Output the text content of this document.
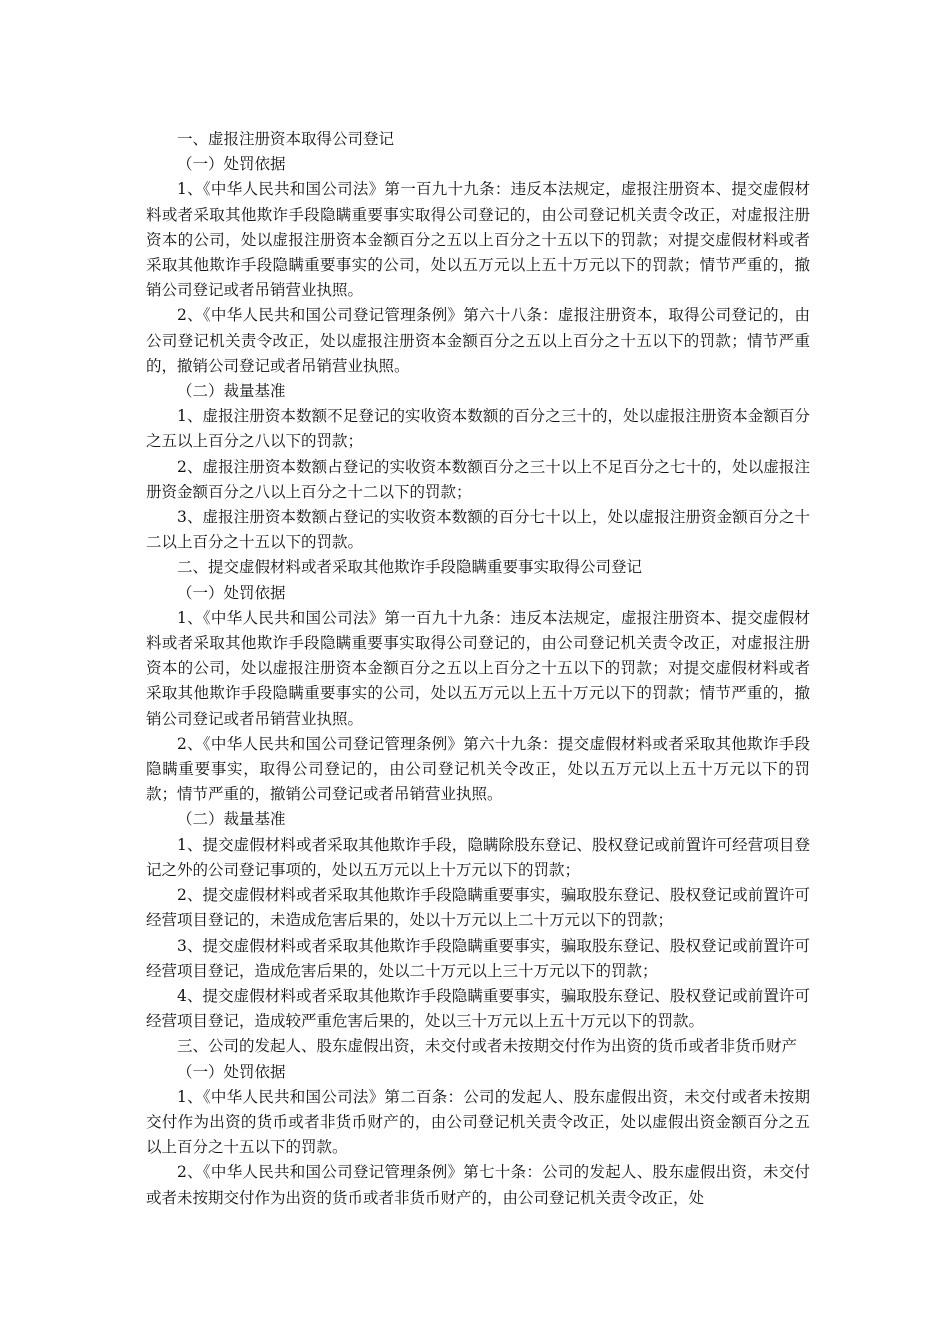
一、虚报注册资本取得公司登记

（一）处罚依据

1、《中华人民共和国公司法》第一百九十九条：违反本法规定，虚报注册资本、提交虚假材料或者采取其他欺诈手段隐瞒重要事实取得公司登记的，由公司登记机关责令改正，对虚报注册资本的公司，处以虚报注册资本金额百分之五以上百分之十五以下的罚款；对提交虚假材料或者采取其他欺诈手段隐瞒重要事实的公司，处以五万元以上五十万元以下的罚款；情节严重的，撤销公司登记或者吊销营业执照。

2、《中华人民共和国公司登记管理条例》第六十八条：虚报注册资本，取得公司登记的，由公司登记机关责令改正，处以虚报注册资本金额百分之五以上百分之十五以下的罚款；情节严重的，撤销公司登记或者吊销营业执照。

（二）裁量基准

1、虚报注册资本数额不足登记的实收资本数额的百分之三十的，处以虚报注册资本金额百分之五以上百分之八以下的罚款；

2、虚报注册资本数额占登记的实收资本数额百分之三十以上不足百分之七十的，处以虚报注册资金额百分之八以上百分之十二以下的罚款；

3、虚报注册资本数额占登记的实收资本数额的百分七十以上，处以虚报注册资金额百分之十二以上百分之十五以下的罚款。

二、提交虚假材料或者采取其他欺诈手段隐瞒重要事实取得公司登记

（一）处罚依据

1、《中华人民共和国公司法》第一百九十九条：违反本法规定，虚报注册资本、提交虚假材料或者采取其他欺诈手段隐瞒重要事实取得公司登记的，由公司登记机关责令改正，对虚报注册资本的公司，处以虚报注册资本金额百分之五以上百分之十五以下的罚款；对提交虚假材料或者采取其他欺诈手段隐瞒重要事实的公司，处以五万元以上五十万元以下的罚款；情节严重的，撤销公司登记或者吊销营业执照。

2、《中华人民共和国公司登记管理条例》第六十九条：提交虚假材料或者采取其他欺诈手段隐瞒重要事实，取得公司登记的，由公司登记机关令改正，处以五万元以上五十万元以下的罚款；情节严重的，撤销公司登记或者吊销营业执照。

（二）裁量基准

1、提交虚假材料或者采取其他欺诈手段，隐瞒除股东登记、股权登记或前置许可经营项目登记之外的公司登记事项的，处以五万元以上十万元以下的罚款；

2、提交虚假材料或者采取其他欺诈手段隐瞒重要事实，骗取股东登记、股权登记或前置许可经营项目登记的，未造成危害后果的，处以十万元以上二十万元以下的罚款；

3、提交虚假材料或者采取其他欺诈手段隐瞒重要事实，骗取股东登记、股权登记或前置许可经营项目登记，造成危害后果的，处以二十万元以上三十万元以下的罚款；

4、提交虚假材料或者采取其他欺诈手段隐瞒重要事实，骗取股东登记、股权登记或前置许可经营项目登记，造成较严重危害后果的，处以三十万元以上五十万元以下的罚款。

三、公司的发起人、股东虚假出资，未交付或者未按期交付作为出资的货币或者非货币财产

（一）处罚依据

1、《中华人民共和国公司法》第二百条：公司的发起人、股东虚假出资，未交付或者未按期交付作为出资的货币或者非货币财产的，由公司登记机关责令改正，处以虚假出资金额百分之五以上百分之十五以下的罚款。

2、《中华人民共和国公司登记管理条例》第七十条：公司的发起人、股东虚假出资，未交付或者未按期交付作为出资的货币或者非货币财产的，由公司登记机关责令改正，处
